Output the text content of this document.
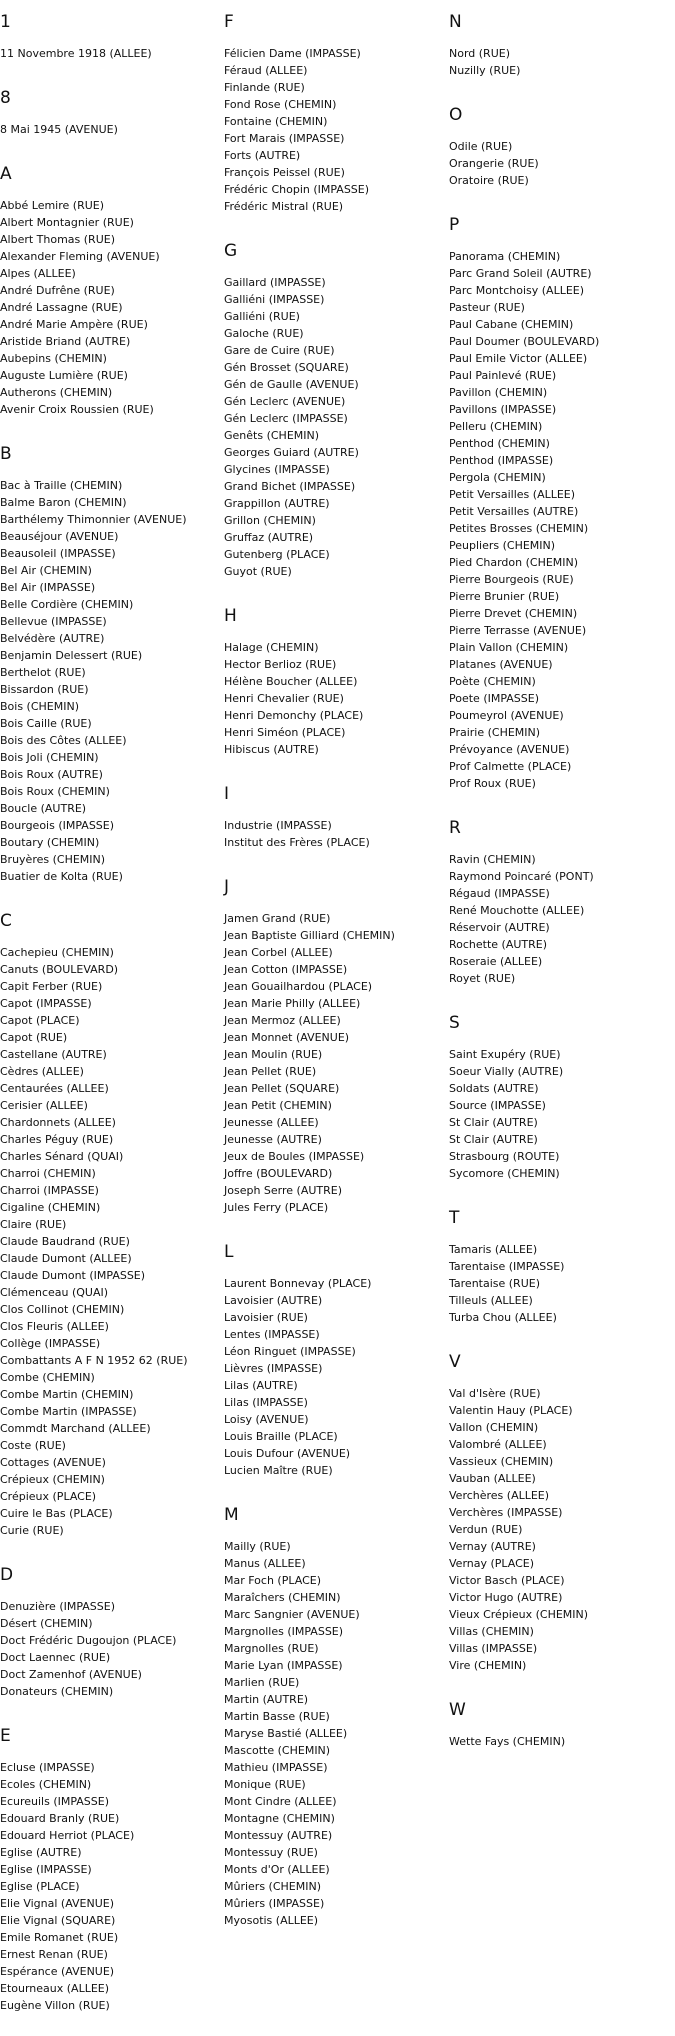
1
11 Novembre 1918 (ALLEE)
8
8 Mai 1945 (AVENUE)
A
Abbé Lemire (RUE)
Albert Montagnier (RUE)
Albert Thomas (RUE)
Alexander Fleming (AVENUE)
Alpes (ALLEE)
André Dufrêne (RUE)
André Lassagne (RUE)
André Marie Ampère (RUE)
Aristide Briand (AUTRE)
Aubepins (CHEMIN)
Auguste Lumière (RUE)
Autherons (CHEMIN)
Avenir Croix Roussien (RUE)
B
Bac à Traille (CHEMIN)
Balme Baron (CHEMIN)
Barthélemy Thimonnier (AVENUE)
Beauséjour (AVENUE)
Beausoleil (IMPASSE)
Bel Air (CHEMIN)
Bel Air (IMPASSE)
Belle Cordière (CHEMIN)
Bellevue (IMPASSE)
Belvédère (AUTRE)
Benjamin Delessert (RUE)
Berthelot (RUE)
Bissardon (RUE)
Bois (CHEMIN)
Bois Caille (RUE)
Bois des Côtes (ALLEE)
Bois Joli (CHEMIN)
Bois Roux (AUTRE)
Bois Roux (CHEMIN)
Boucle (AUTRE)
Bourgeois (IMPASSE)
Boutary (CHEMIN)
Bruyères (CHEMIN)
Buatier de Kolta (RUE)
C
Cachepieu (CHEMIN)
Canuts (BOULEVARD)
Capit Ferber (RUE)
Capot (IMPASSE)
Capot (PLACE)
Capot (RUE)
Castellane (AUTRE)
Cèdres (ALLEE)
Centaurées (ALLEE)
Cerisier (ALLEE)
Chardonnets (ALLEE)
Charles Péguy (RUE)
Charles Sénard (QUAI)
Charroi (CHEMIN)
Charroi (IMPASSE)
Cigaline (CHEMIN)
Claire (RUE)
Claude Baudrand (RUE)
Claude Dumont (ALLEE)
Claude Dumont (IMPASSE)
Clémenceau (QUAI)
Clos Collinot (CHEMIN)
Clos Fleuris (ALLEE)
Collège (IMPASSE)
Combattants A F N 1952 62 (RUE)
Combe (CHEMIN)
Combe Martin (CHEMIN)
Combe Martin (IMPASSE)
Commdt Marchand (ALLEE)
Coste (RUE)
Cottages (AVENUE)
Crépieux (CHEMIN)
Crépieux (PLACE)
Cuire le Bas (PLACE)
Curie (RUE)
D
Denuzière (IMPASSE)
Désert (CHEMIN)
Doct Frédéric Dugoujon (PLACE)
Doct Laennec (RUE)
Doct Zamenhof (AVENUE)
Donateurs (CHEMIN)
E
Ecluse (IMPASSE)
Ecoles (CHEMIN)
Ecureuils (IMPASSE)
Edouard Branly (RUE)
Edouard Herriot (PLACE)
Eglise (AUTRE)
Eglise (IMPASSE)
Eglise (PLACE)
Elie Vignal (AVENUE)
Elie Vignal (SQUARE)
Emile Romanet (RUE)
Ernest Renan (RUE)
Espérance (AVENUE)
Etourneaux (ALLEE)
Eugène Villon (RUE)
F
Félicien Dame (IMPASSE)
Féraud (ALLEE)
Finlande (RUE)
Fond Rose (CHEMIN)
Fontaine (CHEMIN)
Fort Marais (IMPASSE)
Forts (AUTRE)
François Peissel (RUE)
Frédéric Chopin (IMPASSE)
Frédéric Mistral (RUE)
G
Gaillard (IMPASSE)
Galliéni (IMPASSE)
Galliéni (RUE)
Galoche (RUE)
Gare de Cuire (RUE)
Gén Brosset (SQUARE)
Gén de Gaulle (AVENUE)
Gén Leclerc (AVENUE)
Gén Leclerc (IMPASSE)
Genêts (CHEMIN)
Georges Guiard (AUTRE)
Glycines (IMPASSE)
Grand Bichet (IMPASSE)
Grappillon (AUTRE)
Grillon (CHEMIN)
Gruffaz (AUTRE)
Gutenberg (PLACE)
Guyot (RUE)
H
Halage (CHEMIN)
Hector Berlioz (RUE)
Hélène Boucher (ALLEE)
Henri Chevalier (RUE)
Henri Demonchy (PLACE)
Henri Siméon (PLACE)
Hibiscus (AUTRE)
I
Industrie (IMPASSE)
Institut des Frères (PLACE)
J
Jamen Grand (RUE)
Jean Baptiste Gilliard (CHEMIN)
Jean Corbel (ALLEE)
Jean Cotton (IMPASSE)
Jean Gouailhardou (PLACE)
Jean Marie Philly (ALLEE)
Jean Mermoz (ALLEE)
Jean Monnet (AVENUE)
Jean Moulin (RUE)
Jean Pellet (RUE)
Jean Pellet (SQUARE)
Jean Petit (CHEMIN)
Jeunesse (ALLEE)
Jeunesse (AUTRE)
Jeux de Boules (IMPASSE)
Joffre (BOULEVARD)
Joseph Serre (AUTRE)
Jules Ferry (PLACE)
L
Laurent Bonnevay (PLACE)
Lavoisier (AUTRE)
Lavoisier (RUE)
Lentes (IMPASSE)
Léon Ringuet (IMPASSE)
Lièvres (IMPASSE)
Lilas (AUTRE)
Lilas (IMPASSE)
Loisy (AVENUE)
Louis Braille (PLACE)
Louis Dufour (AVENUE)
Lucien Maître (RUE)
M
Mailly (RUE)
Manus (ALLEE)
Mar Foch (PLACE)
Maraîchers (CHEMIN)
Marc Sangnier (AVENUE)
Margnolles (IMPASSE)
Margnolles (RUE)
Marie Lyan (IMPASSE)
Marlien (RUE)
Martin (AUTRE)
Martin Basse (RUE)
Maryse Bastié (ALLEE)
Mascotte (CHEMIN)
Mathieu (IMPASSE)
Monique (RUE)
Mont Cindre (ALLEE)
Montagne (CHEMIN)
Montessuy (AUTRE)
Montessuy (RUE)
Monts d'Or (ALLEE)
Mûriers (CHEMIN)
Mûriers (IMPASSE)
Myosotis (ALLEE)
N
Nord (RUE)
Nuzilly (RUE)
O
Odile (RUE)
Orangerie (RUE)
Oratoire (RUE)
P
Panorama (CHEMIN)
Parc Grand Soleil (AUTRE)
Parc Montchoisy (ALLEE)
Pasteur (RUE)
Paul Cabane (CHEMIN)
Paul Doumer (BOULEVARD)
Paul Emile Victor (ALLEE)
Paul Painlevé (RUE)
Pavillon (CHEMIN)
Pavillons (IMPASSE)
Pelleru (CHEMIN)
Penthod (CHEMIN)
Penthod (IMPASSE)
Pergola (CHEMIN)
Petit Versailles (ALLEE)
Petit Versailles (AUTRE)
Petites Brosses (CHEMIN)
Peupliers (CHEMIN)
Pied Chardon (CHEMIN)
Pierre Bourgeois (RUE)
Pierre Brunier (RUE)
Pierre Drevet (CHEMIN)
Pierre Terrasse (AVENUE)
Plain Vallon (CHEMIN)
Platanes (AVENUE)
Poète (CHEMIN)
Poete (IMPASSE)
Poumeyrol (AVENUE)
Prairie (CHEMIN)
Prévoyance (AVENUE)
Prof Calmette (PLACE)
Prof Roux (RUE)
R
Ravin (CHEMIN)
Raymond Poincaré (PONT)
Régaud (IMPASSE)
René Mouchotte (ALLEE)
Réservoir (AUTRE)
Rochette (AUTRE)
Roseraie (ALLEE)
Royet (RUE)
S
Saint Exupéry (RUE)
Soeur Vially (AUTRE)
Soldats (AUTRE)
Source (IMPASSE)
St Clair (AUTRE)
St Clair (AUTRE)
Strasbourg (ROUTE)
Sycomore (CHEMIN)
T
Tamaris (ALLEE)
Tarentaise (IMPASSE)
Tarentaise (RUE)
Tilleuls (ALLEE)
Turba Chou (ALLEE)
V
Val d'Isère (RUE)
Valentin Hauy (PLACE)
Vallon (CHEMIN)
Valombré (ALLEE)
Vassieux (CHEMIN)
Vauban (ALLEE)
Verchères (ALLEE)
Verchères (IMPASSE)
Verdun (RUE)
Vernay (AUTRE)
Vernay (PLACE)
Victor Basch (PLACE)
Victor Hugo (AUTRE)
Vieux Crépieux (CHEMIN)
Villas (CHEMIN)
Villas (IMPASSE)
Vire (CHEMIN)
W
Wette Fays (CHEMIN)
